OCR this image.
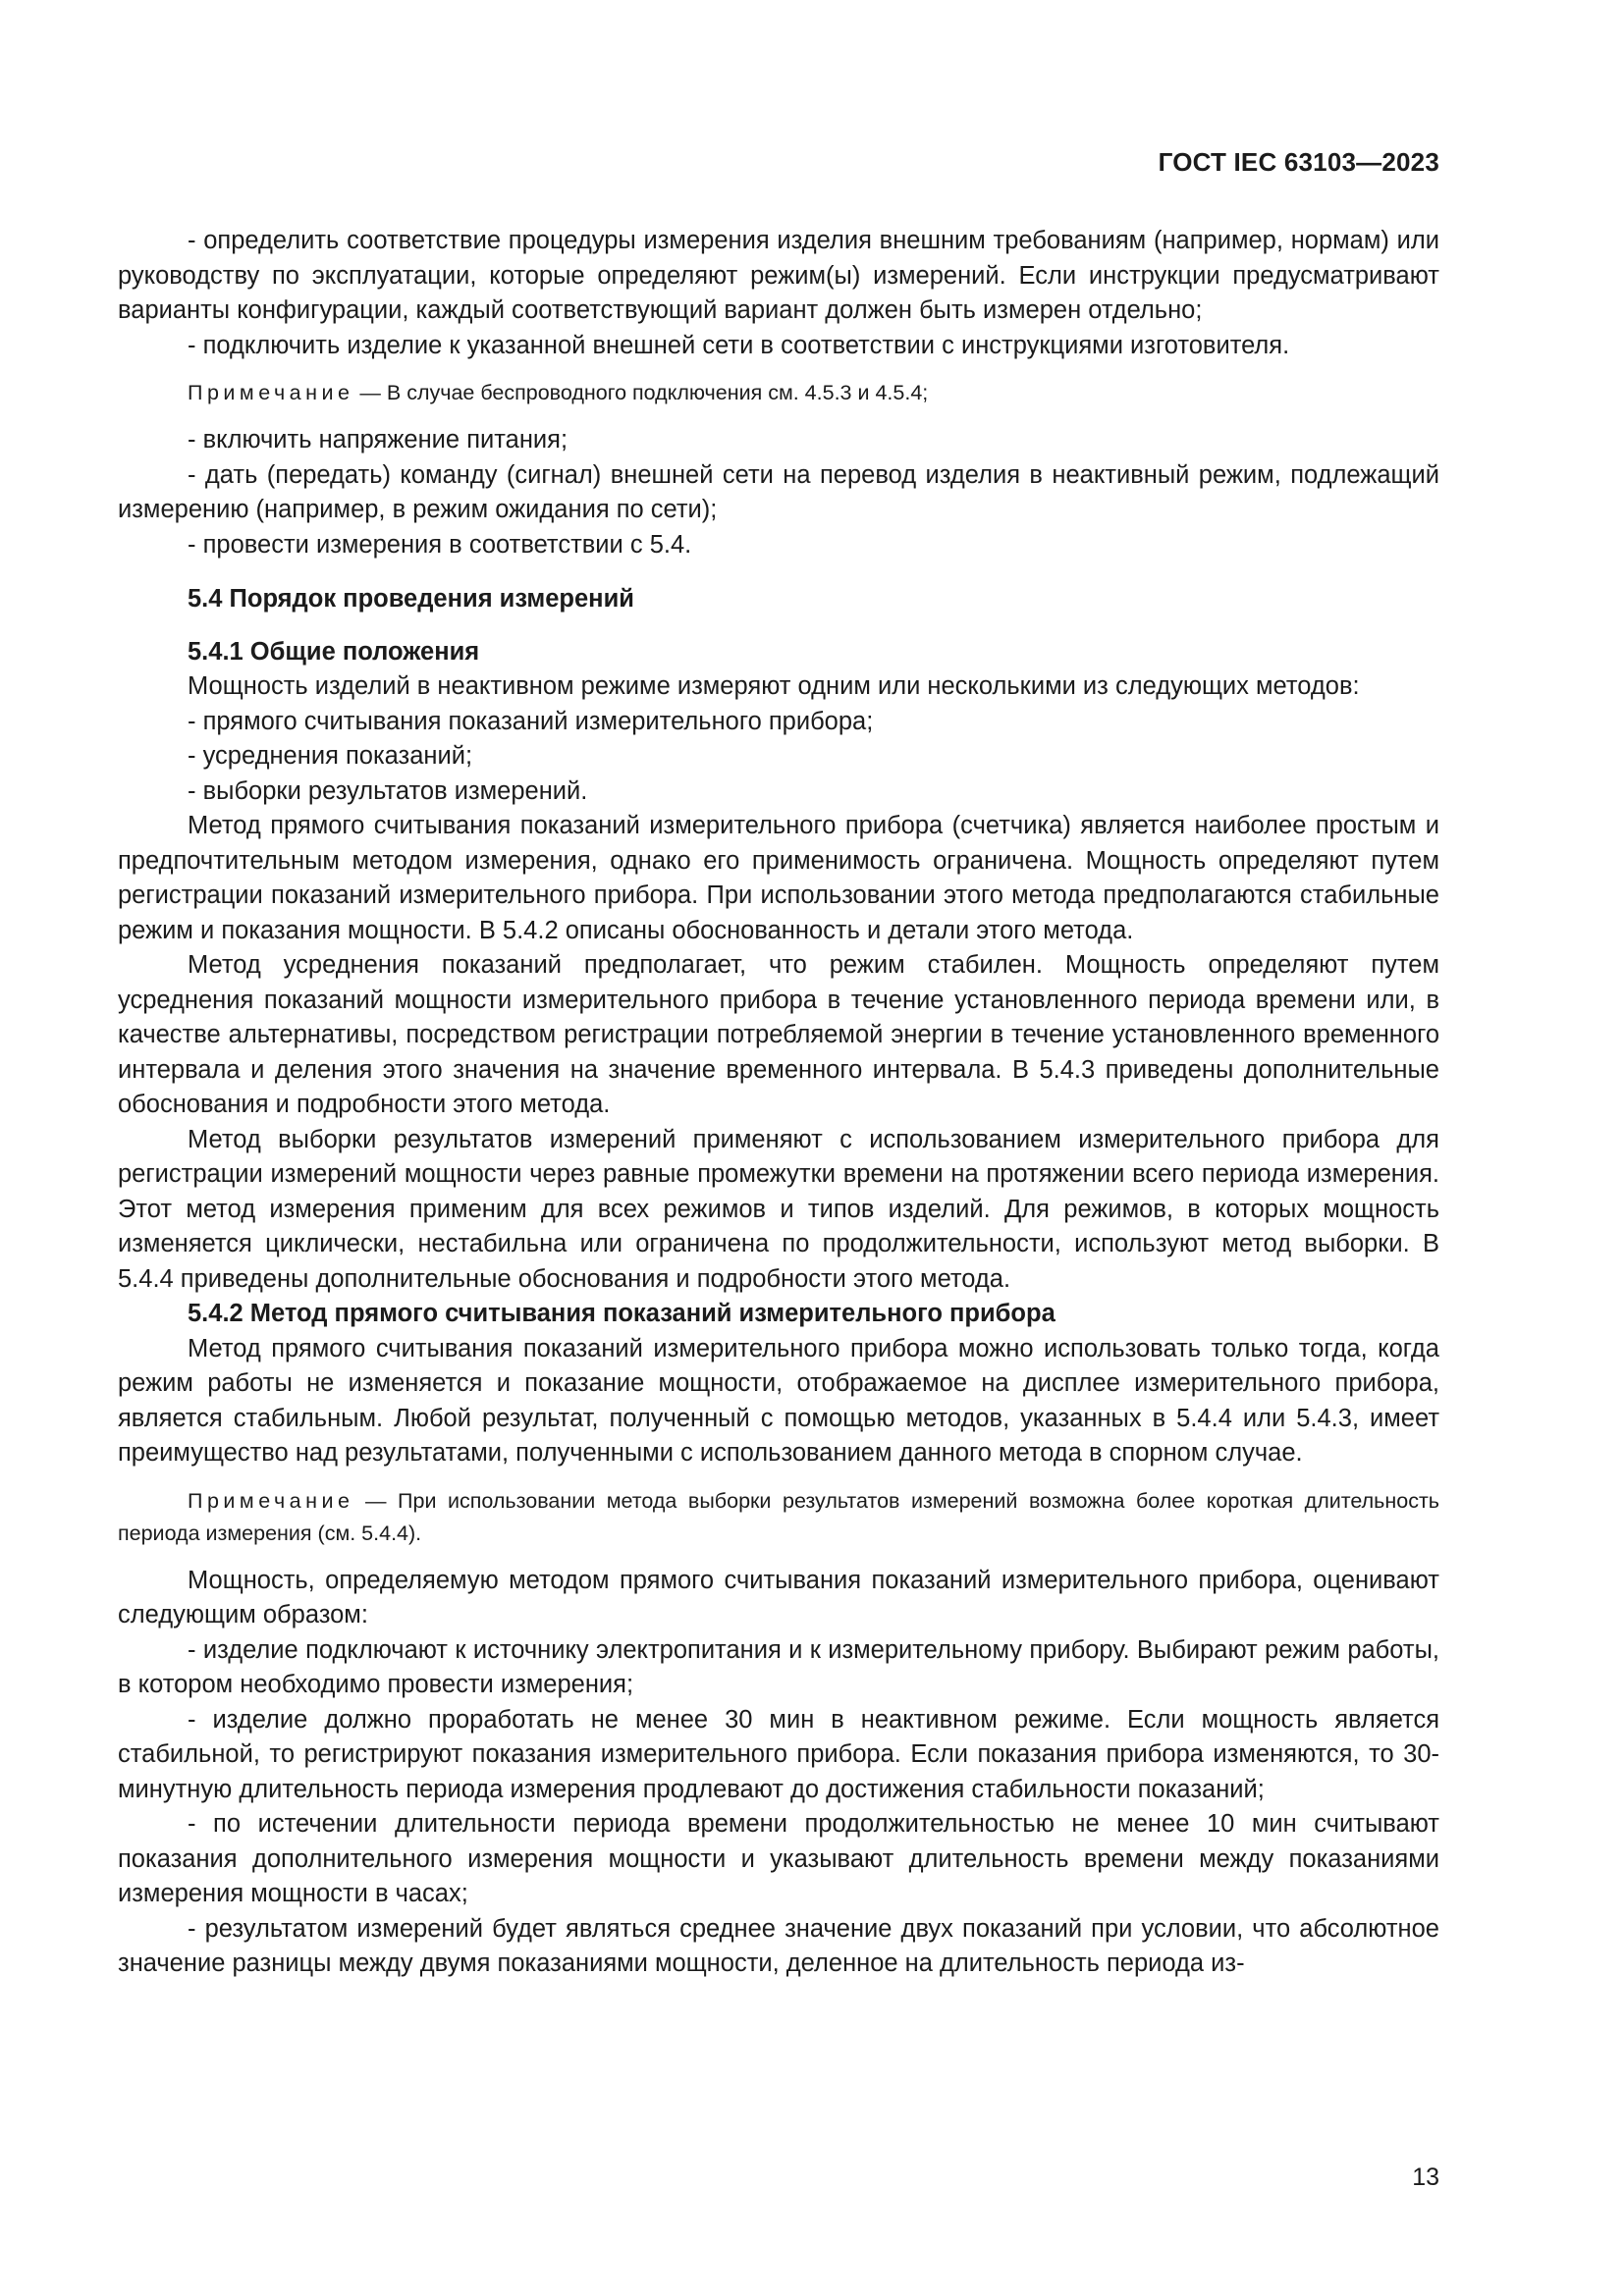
ГОСТ IEC 63103—2023

- определить соответствие процедуры измерения изделия внешним требованиям (например, нормам) или руководству по эксплуатации, которые определяют режим(ы) измерений. Если инструкции предусматривают варианты конфигурации, каждый соответствующий вариант должен быть измерен отдельно;

- подключить изделие к указанной внешней сети в соответствии с инструкциями изготовителя.

Примечание — В случае беспроводного подключения см. 4.5.3 и 4.5.4;

- включить напряжение питания;

- дать (передать) команду (сигнал) внешней сети на перевод изделия в неактивный режим, подлежащий измерению (например, в режим ожидания по сети);

- провести измерения в соответствии с 5.4.

5.4 Порядок проведения измерений

5.4.1 Общие положения

Мощность изделий в неактивном режиме измеряют одним или несколькими из следующих методов:

- прямого считывания показаний измерительного прибора;

- усреднения показаний;

- выборки результатов измерений.

Метод прямого считывания показаний измерительного прибора (счетчика) является наиболее простым и предпочтительным методом измерения, однако его применимость ограничена. Мощность определяют путем регистрации показаний измерительного прибора. При использовании этого метода предполагаются стабильные режим и показания мощности. В 5.4.2 описаны обоснованность и детали этого метода.

Метод усреднения показаний предполагает, что режим стабилен. Мощность определяют путем усреднения показаний мощности измерительного прибора в течение установленного периода времени или, в качестве альтернативы, посредством регистрации потребляемой энергии в течение установленного временного интервала и деления этого значения на значение временного интервала. В 5.4.3 приведены дополнительные обоснования и подробности этого метода.

Метод выборки результатов измерений применяют с использованием измерительного прибора для регистрации измерений мощности через равные промежутки времени на протяжении всего периода измерения. Этот метод измерения применим для всех режимов и типов изделий. Для режимов, в которых мощность изменяется циклически, нестабильна или ограничена по продолжительности, используют метод выборки. В 5.4.4 приведены дополнительные обоснования и подробности этого метода.

5.4.2 Метод прямого считывания показаний измерительного прибора

Метод прямого считывания показаний измерительного прибора можно использовать только тогда, когда режим работы не изменяется и показание мощности, отображаемое на дисплее измерительного прибора, является стабильным. Любой результат, полученный с помощью методов, указанных в 5.4.4 или 5.4.3, имеет преимущество над результатами, полученными с использованием данного метода в спорном случае.

Примечание — При использовании метода выборки результатов измерений возможна более короткая длительность периода измерения (см. 5.4.4).

Мощность, определяемую методом прямого считывания показаний измерительного прибора, оценивают следующим образом:

- изделие подключают к источнику электропитания и к измерительному прибору. Выбирают режим работы, в котором необходимо провести измерения;

- изделие должно проработать не менее 30 мин в неактивном режиме. Если мощность является стабильной, то регистрируют показания измерительного прибора. Если показания прибора изменяются, то 30-минутную длительность периода измерения продлевают до достижения стабильности показаний;

- по истечении длительности периода времени продолжительностью не менее 10 мин считывают показания дополнительного измерения мощности и указывают длительность времени между показаниями измерения мощности в часах;

- результатом измерений будет являться среднее значение двух показаний при условии, что абсолютное значение разницы между двумя показаниями мощности, деленное на длительность периода из-

13
